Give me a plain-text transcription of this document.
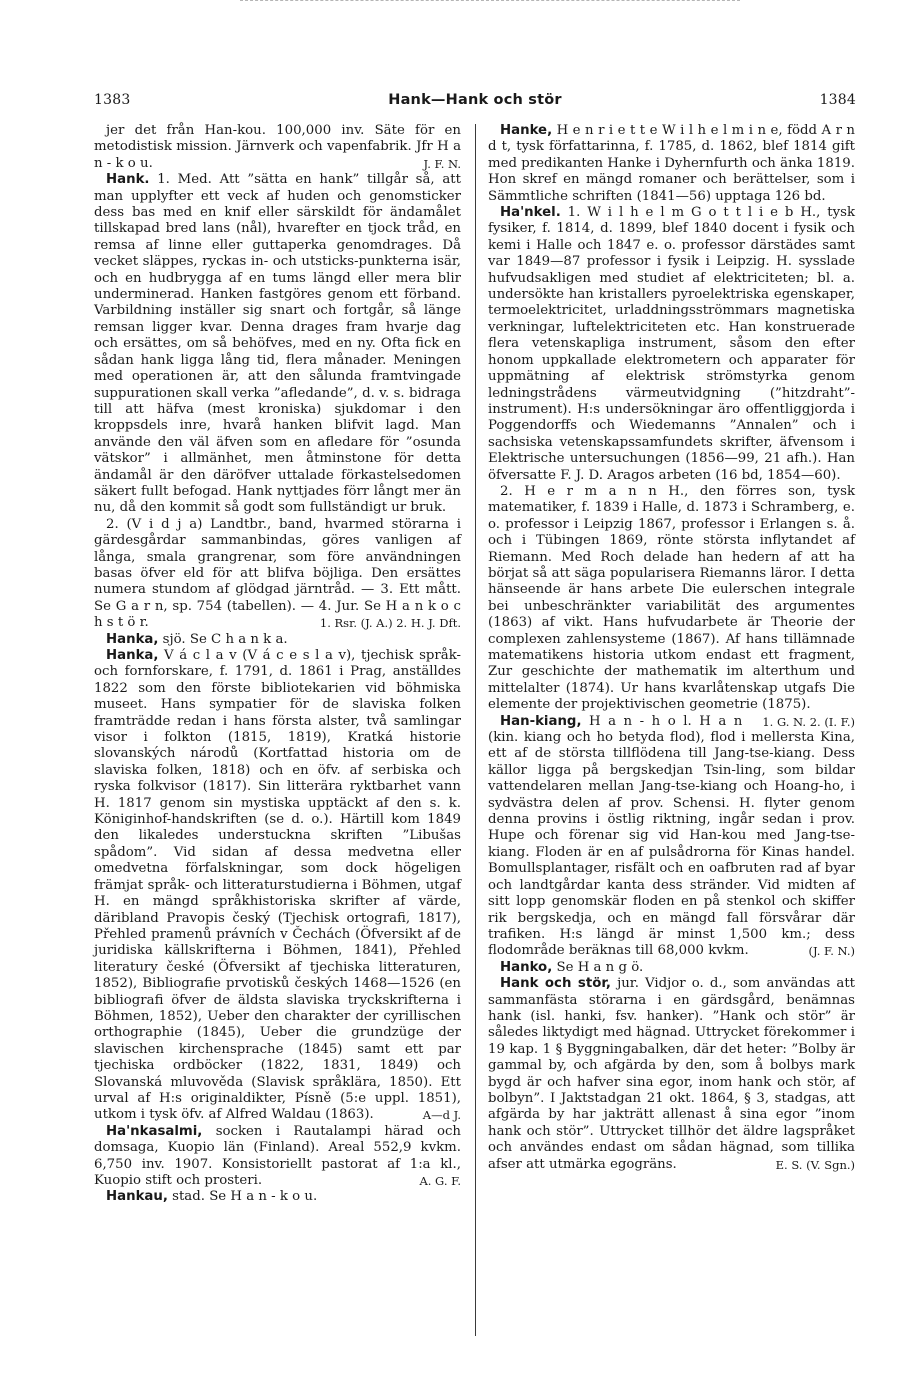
1383	Hank—Hank och stör	1384

jer det från Han-kou. 100,000 inv. Säte för en metodistisk mission. Järnverk och vapenfabrik. Jfr H a n - k o u.	J. F. N.

Hank. 1. Med. Att ”sätta en hank” tillgår så, att man upplyfter ett veck af huden och genomsticker dess bas med en knif eller särskildt för ändamålet tillskapad bred lans (nål), hvarefter en tjock tråd, en remsa af linne eller guttaperka genomdrages. Då vecket släppes, ryckas in- och utsticks-punkterna isär, och en hudbrygga af en tums längd eller mera blir underminerad. Hanken fastgöres genom ett förband. Varbildning inställer sig snart och fortgår, så länge remsan ligger kvar. Denna drages fram hvarje dag och ersättes, om så behöfves, med en ny. Ofta fick en sådan hank ligga lång tid, flera månader. Meningen med operationen är, att den sålunda framtvingade suppurationen skall verka ”afledande”, d. v. s. bidraga till att häfva (mest kroniska) sjukdomar i den kroppsdels inre, hvarå hanken blifvit lagd. Man använde den väl äfven som en afledare för ”osunda vätskor” i allmänhet, men åtminstone för detta ändamål är den däröfver uttalade förkastelsedomen säkert fullt befogad. Hank nyttjades förr långt mer än nu, då den kommit så godt som fullständigt ur bruk.

2. (V i d j a) Landtbr., band, hvarmed störarna i gärdesgårdar sammanbindas, göres vanligen af långa, smala grangrenar, som före användningen basas öfver eld för att blifva böjliga. Den ersättes numera stundom af glödgad järntråd. — 3. Ett mått. Se G a r n, sp. 754 (tabellen). — 4. Jur. Se H a n k o c h s t ö r.	1. Rsr. (J. A.) 2. H. J. Dft.

Hanka, sjö. Se C h a n k a.

Hanka, V á c l a v (V á c e s l a v), tjechisk språk- och fornforskare, f. 1791, d. 1861 i Prag, anställdes 1822 som den förste bibliotekarien vid böhmiska museet. Hans sympatier för de slaviska folken framträdde redan i hans första alster, två samlingar visor i folkton (1815, 1819), Kratká historie slovanských národů (Kortfattad historia om de slaviska folken, 1818) och en öfv. af serbiska och ryska folkvisor (1817). Sin litterära ryktbarhet vann H. 1817 genom sin mystiska upptäckt af den s. k. Königinhof-handskriften (se d. o.). Härtill kom 1849 den likaledes understuckna skriften ”Libušas spådom”. Vid sidan af dessa medvetna eller omedvetna förfalskningar, som dock högeligen främjat språk- och litteraturstudierna i Böhmen, utgaf H. en mängd språkhistoriska skrifter af värde, däribland Pravopis český (Tjechisk ortografi, 1817), Přehled pramenů právních v Čechách (Öfversikt af de juridiska källskrifterna i Böhmen, 1841), Přehled literatury české (Öfversikt af tjechiska litteraturen, 1852), Bibliografie prvotisků českých 1468—1526 (en bibliografi öfver de äldsta slaviska tryckskrifterna i Böhmen, 1852), Ueber den charakter der cyrillischen orthographie (1845), Ueber die grundzüge der slavischen kirchensprache (1845) samt ett par tjechiska ordböcker (1822, 1831, 1849) och Slovanská mluvověda (Slavisk språklära, 1850). Ett urval af H:s originaldikter, Písně (5:e uppl. 1851), utkom i tysk öfv. af Alfred Waldau (1863).	A—d J.

Ha'nkasalmi, socken i Rautalampi härad och domsaga, Kuopio län (Finland). Areal 552,9 kvkm. 6,750 inv. 1907. Konsistoriellt pastorat af 1:a kl., Kuopio stift och prosteri.	A. G. F.

Hankau, stad. Se H a n - k o u.

Hanke, H e n r i e t t e W i l h e l m i n e, född A r n d t, tysk författarinna, f. 1785, d. 1862, blef 1814 gift med predikanten Hanke i Dyhernfurth och änka 1819. Hon skref en mängd romaner och berättelser, som i Sämmtliche schriften (1841—56) upptaga 126 bd.

Ha'nkel. 1. W i l h e l m G o t t l i e b H., tysk fysiker, f. 1814, d. 1899, blef 1840 docent i fysik och kemi i Halle och 1847 e. o. professor därstädes samt var 1849—87 professor i fysik i Leipzig. H. sysslade hufvudsakligen med studiet af elektriciteten; bl. a. undersökte han kristallers pyroelektriska egenskaper, termoelektricitet, urladdningsströmmars magnetiska verkningar, luftelektriciteten etc. Han konstruerade flera vetenskapliga instrument, såsom den efter honom uppkallade elektrometern och apparater för uppmätning af elektrisk strömstyrka genom ledningstrådens värmeutvidgning (”hitzdraht”-instrument). H:s undersökningar äro offentliggjorda i Poggendorffs och Wiedemanns ”Annalen” och i sachsiska vetenskapssamfundets skrifter, äfvensom i Elektrische untersuchungen (1856—99, 21 afh.). Han öfversatte F. J. D. Aragos arbeten (16 bd, 1854—60).

2. H e r m a n n H., den förres son, tysk matematiker, f. 1839 i Halle, d. 1873 i Schramberg, e. o. professor i Leipzig 1867, professor i Erlangen s. å. och i Tübingen 1869, rönte största inflytandet af Riemann. Med Roch delade han hedern af att ha börjat så att säga popularisera Riemanns läror. I detta hänseende är hans arbete Die eulerschen integrale bei unbeschränkter variabilität des argumentes (1863) af vikt. Hans hufvudarbete är Theorie der complexen zahlensysteme (1867). Af hans tillämnade matematikens historia utkom endast ett fragment, Zur geschichte der mathematik im alterthum und mittelalter (1874). Ur hans kvarlåtenskap utgafs Die elemente der projektivischen geometrie (1875).
1. G. N. 2. (I. F.)

Han-kiang, H a n - h o l. H a n (kin. kiang och ho betyda flod), flod i mellersta Kina, ett af de största tillflödena till Jang-tse-kiang. Dess källor ligga på bergskedjan Tsin-ling, som bildar vattendelaren mellan Jang-tse-kiang och Hoang-ho, i sydvästra delen af prov. Schensi. H. flyter genom denna provins i östlig riktning, ingår sedan i prov. Hupe och förenar sig vid Han-kou med Jang-tse-kiang. Floden är en af pulsådrorna för Kinas handel. Bomullsplantager, risfält och en oafbruten rad af byar och landtgårdar kanta dess stränder. Vid midten af sitt lopp genomskär floden en på stenkol och skiffer rik bergskedja, och en mängd fall försvårar där trafiken. H:s längd är minst 1,500 km.; dess flodområde beräknas till 68,000 kvkm.	(J. F. N.)

Hanko, Se H a n g ö.

Hank och stör, jur. Vidjor o. d., som användas att sammanfästa störarna i en gärdsgård, benämnas hank (isl. hanki, fsv. hanker). ”Hank och stör” är således liktydigt med hägnad. Uttrycket förekommer i 19 kap. 1 § Byggningabalken, där det heter: ”Bolby är gammal by, och afgärda by den, som å bolbys mark bygd är och hafver sina egor, inom hank och stör, af bolbyn”. I Jaktstadgan 21 okt. 1864, § 3, stadgas, att afgärda by har jakträtt allenast å sina egor ”inom hank och stör”. Uttrycket tillhör det äldre lagspråket och användes endast om sådan hägnad, som tillika afser att utmärka egogräns.	E. S. (V. Sgn.)
